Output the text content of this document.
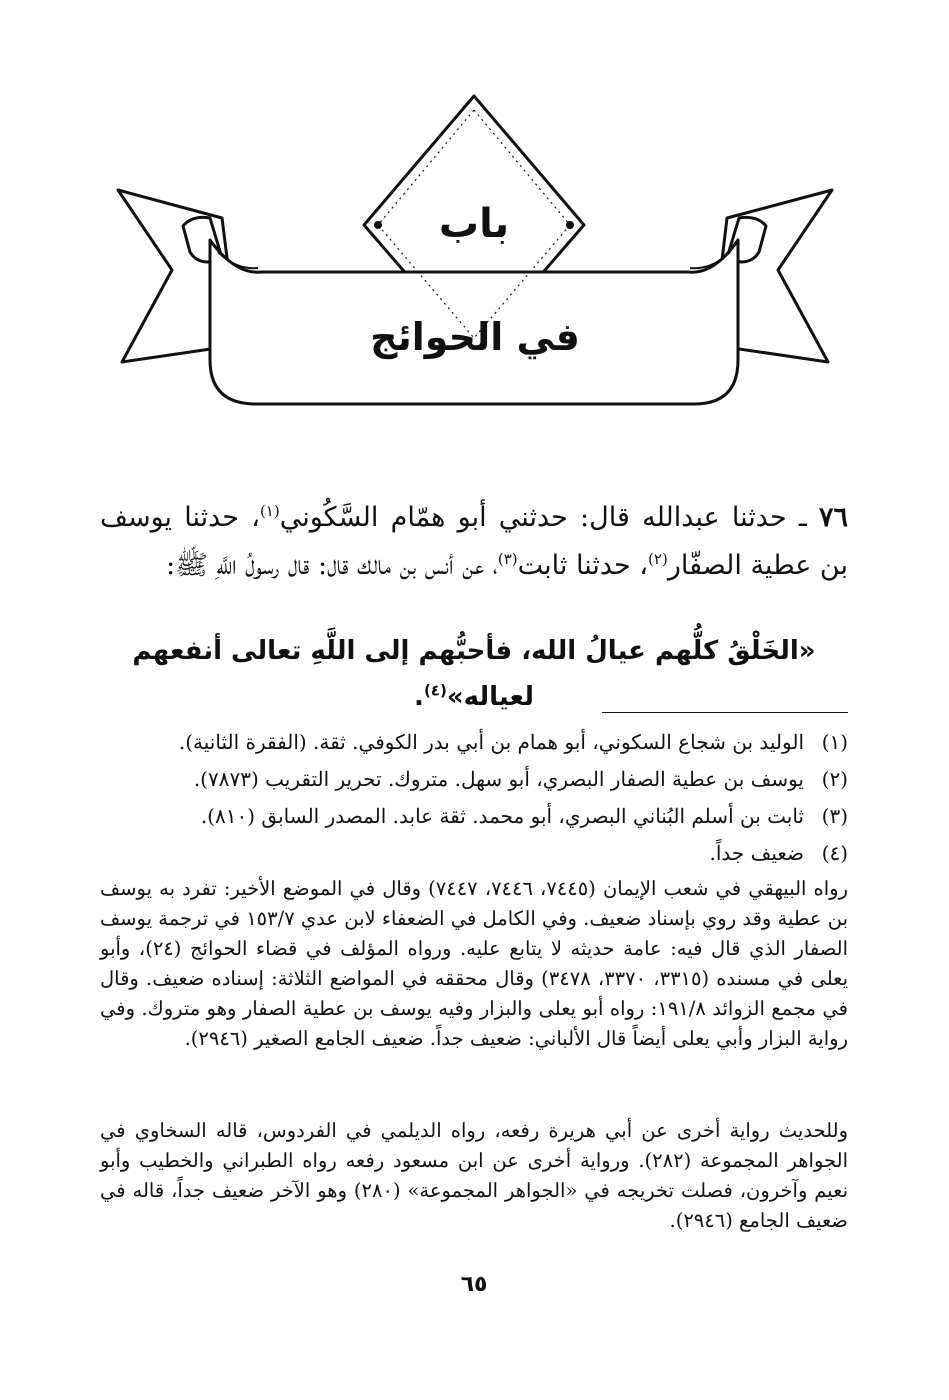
باب
في الحوائج
٧٦ ـ حدثنا عبدالله قال: حدثني أبو همّام السَّكُوني$^{(١)}$، حدثنا يوسف بن عطية الصفّار$^{(٢)}$، حدثنا ثابت$^{(٣)}$، عن أنس بن مالك قال: قال رسولُ اللَّهِ ﷺ:
«الخَلْقُ كلُّهم عيالُ الله، فأحبُّهم إلى اللَّهِ تعالى أنفعهم لعياله»$^{(٤)}$.
(١)الوليد بن شجاع السكوني، أبو همام بن أبي بدر الكوفي. ثقة. (الفقرة الثانية).
(٢)يوسف بن عطية الصفار البصري، أبو سهل. متروك. تحرير التقريب (٧٨٧٣).
(٣)ثابت بن أسلم البُناني البصري، أبو محمد. ثقة عابد. المصدر السابق (٨١٠).
(٤)ضعيف جداً.

رواه البيهقي في شعب الإيمان (٧٤٤٥، ٧٤٤٦، ٧٤٤٧) وقال في الموضع الأخير: تفرد به يوسف بن عطية وقد روي بإسناد ضعيف. وفي الكامل في الضعفاء لابن عدي ١٥٣/٧ في ترجمة يوسف الصفار الذي قال فيه: عامة حديثه لا يتابع عليه. ورواه المؤلف في قضاء الحوائج (٢٤)، وأبو يعلى في مسنده (٣٣١٥، ٣٣٧٠، ٣٤٧٨) وقال محققه في المواضع الثلاثة: إسناده ضعيف. وقال في مجمع الزوائد ١٩١/٨: رواه أبو يعلى والبزار وفيه يوسف بن عطية الصفار وهو متروك. وفي رواية البزار وأبي يعلى أيضاً قال الألباني: ضعيف جداً. ضعيف الجامع الصغير (٢٩٤٦).

وللحديث رواية أخرى عن أبي هريرة رفعه، رواه الديلمي في الفردوس، قاله السخاوي في الجواهر المجموعة (٢٨٢). ورواية أخرى عن ابن مسعود رفعه رواه الطبراني والخطيب وأبو نعيم وآخرون، فصلت تخريجه في «الجواهر المجموعة» (٢٨٠) وهو الآخر ضعيف جداً، قاله في ضعيف الجامع (٢٩٤٦).

٦٥
